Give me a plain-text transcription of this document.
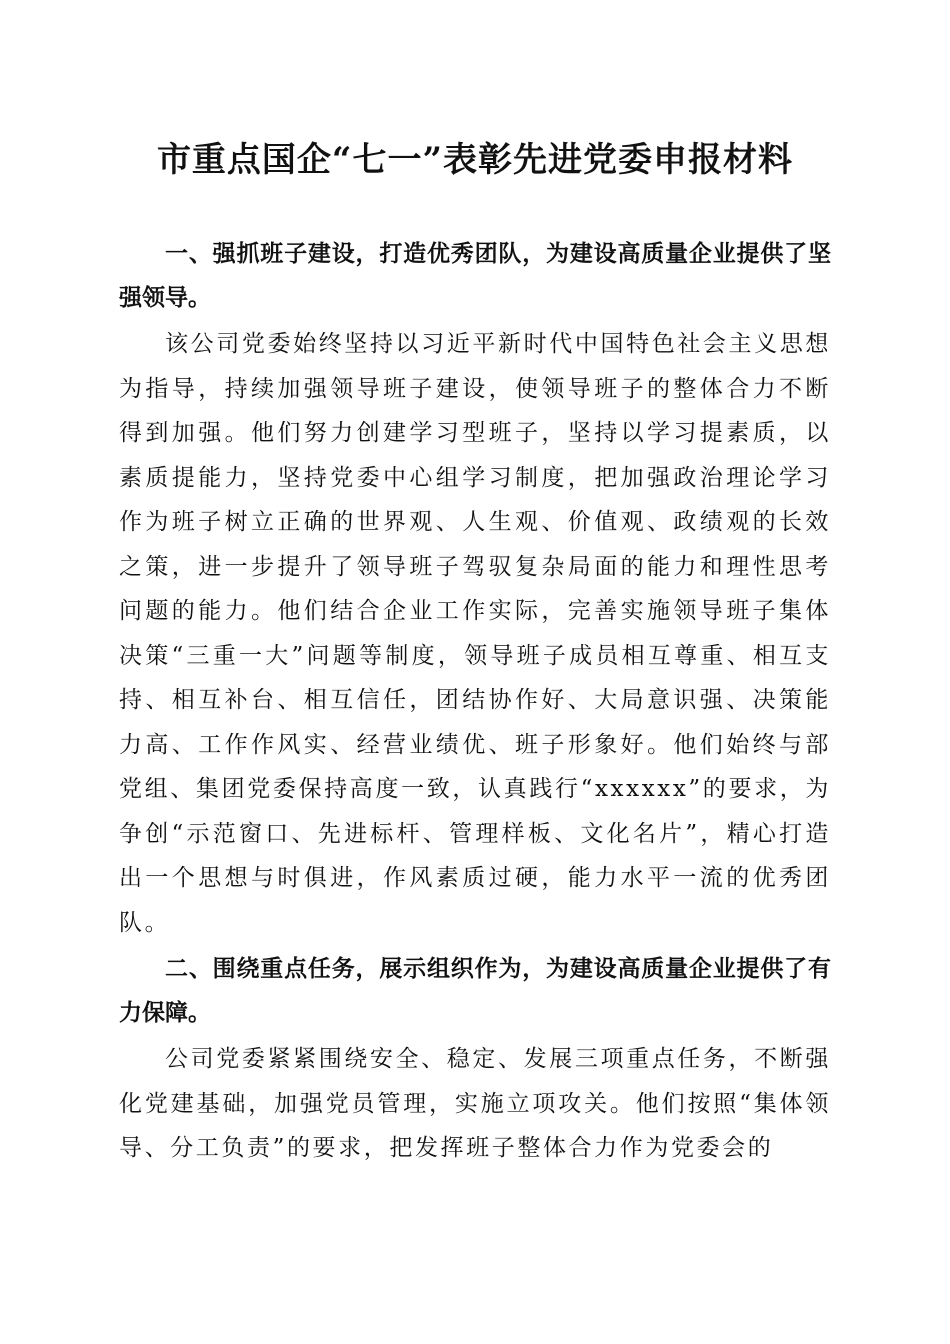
市重点国企“七一”表彰先进党委申报材料

一、强抓班子建设，打造优秀团队，为建设高质量企业提供了坚强领导。

该公司党委始终坚持以习近平新时代中国特色社会主义思想为指导，持续加强领导班子建设，使领导班子的整体合力不断得到加强。他们努力创建学习型班子，坚持以学习提素质，以素质提能力，坚持党委中心组学习制度，把加强政治理论学习作为班子树立正确的世界观、人生观、价值观、政绩观的长效之策，进一步提升了领导班子驾驭复杂局面的能力和理性思考问题的能力。他们结合企业工作实际，完善实施领导班子集体决策“三重一大”问题等制度，领导班子成员相互尊重、相互支持、相互补台、相互信任，团结协作好、大局意识强、决策能力高、工作作风实、经营业绩优、班子形象好。他们始终与部党组、集团党委保持高度一致，认真践行“xxxxxx”的要求，为争创“示范窗口、先进标杆、管理样板、文化名片”，精心打造出一个思想与时俱进，作风素质过硬，能力水平一流的优秀团队。

二、围绕重点任务，展示组织作为，为建设高质量企业提供了有力保障。

公司党委紧紧围绕安全、稳定、发展三项重点任务，不断强化党建基础，加强党员管理，实施立项攻关。他们按照“集体领导、分工负责”的要求，把发挥班子整体合力作为党委会的
